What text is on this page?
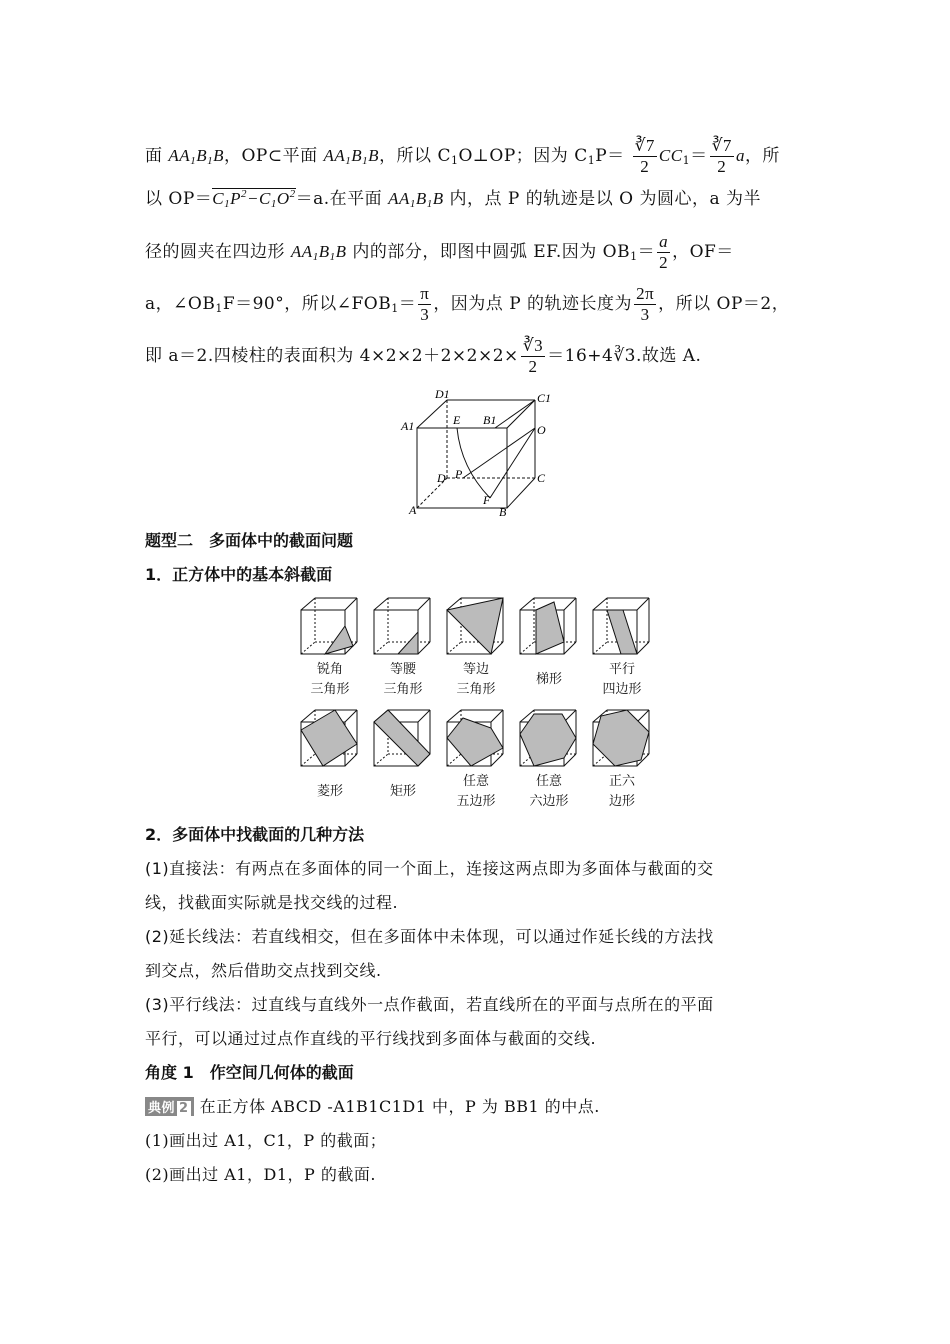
面 $AA_1B_1B$，OP⊂平面 $AA_1B_1B$，所以 $C_1O\perp OP$；因为 $C_1P= \frac{∛7}{2} CC_1= \frac{∛7}{2}$ a，所
以 $OP=C_1P^2-C_1O^2=a$.在平面 $AA_1B_1B$ 内，点 P 的轨迹是以 O 为圆心，a 为半
径的圆夹在四边形 $AA_1B_1B$ 内的部分，即图中圆弧 EF.因为 $OB_1= \frac{a}{2}$ ，OF＝
a，$\angle OB_1F=90^\circ$，所以$\angle FOB_1= \frac{\pi}{3}$ ，因为点 P 的轨迹长度为 $\frac{2\pi}{3}$ ，所以 OP＝2，
即 a＝2.四棱柱的表面积为 $4\times 2\times 2+2\times 2\times 2\times \frac{∛3}{2}$ ＝16+4∛3.故选 A.
D1	C1
A1	E B1
O
D P	C
F
A	B
题型二　多面体中的截面问题
1．正方体中的基本斜截面
锐角
三角形
等腰
三角形
等边
三角形
梯形
平行
四边形
菱形	矩形
任意
五边形
任意
六边形
正六
边形
2．多面体中找截面的几种方法
(1)直接法：有两点在多面体的同一个面上，连接这两点即为多面体与截面的交
线，找截面实际就是找交线的过程.
(2)延长线法：若直线相交，但在多面体中未体现，可以通过作延长线的方法找
到交点，然后借助交点找到交线.
(3)平行线法：过直线与直线外一点作截面，若直线所在的平面与点所在的平面
平行，可以通过过点作直线的平行线找到多面体与截面的交线.
角度 1　作空间几何体的截面
典例 2 在正方体 ABCD -A1B1C1D1 中，P 为 BB1 的中点.
(1)画出过 A1，C1，P 的截面；
(2)画出过 A1，D1，P 的截面.
